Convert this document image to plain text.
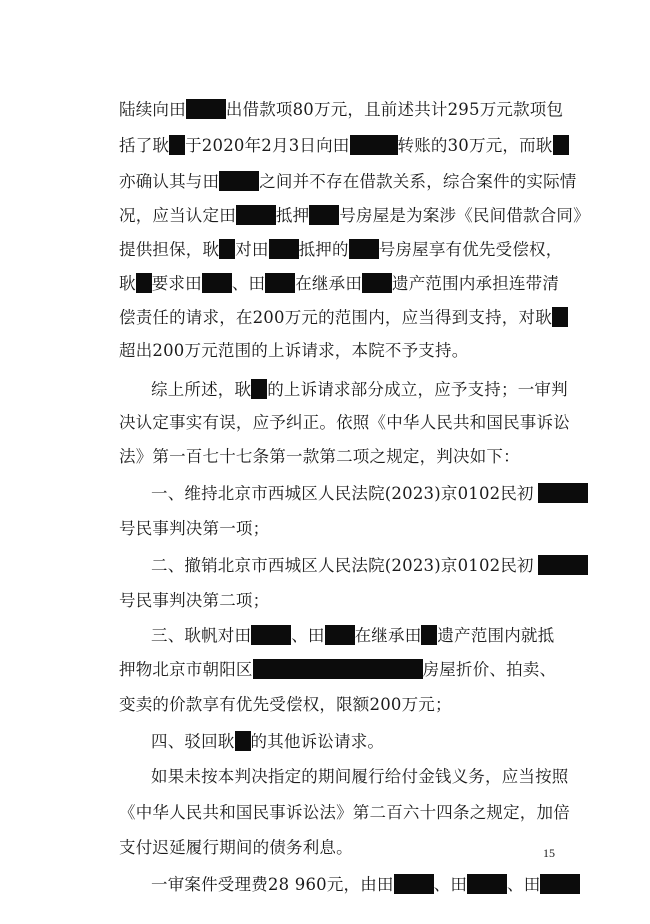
陆续向田 出借款项80万元，且前述共计295万元款项包
括了耿 于2020年2月3日向田	转账的30万元，而耿
亦确认其与田 之间并不存在借款关系，综合案件的实际情
况，应当认定田 抵押 号房屋是为案涉《民间借款合同》
提供担保，耿 对田 抵押的 号房屋享有优先受偿权，
耿 要求田 、田 在继承田 遗产范围内承担连带清
偿责任的请求，在200万元的范围内，应当得到支持，对耿
超出200万元范围的上诉请求，本院不予支持。
综上所述，耿 的上诉请求部分成立，应予支持；一审判
决认定事实有误，应予纠正。依照《中华人民共和国民事诉讼
法》第一百七十七条第一款第二项之规定，判决如下：
一、维持北京市西城区人民法院(2023)京0102民初
号民事判决第一项；
二、撤销北京市西城区人民法院(2023)京0102民初
号民事判决第二项；
三、耿帆对田 、田 在继承田 遗产范围内就抵
押物北京市朝阳区	房屋折价、拍卖、
变卖的价款享有优先受偿权，限额200万元；
四、驳回耿 的其他诉讼请求。
如果未按本判决指定的期间履行给付金钱义务，应当按照
《中华人民共和国民事诉讼法》第二百六十四条之规定，加倍
支付迟延履行期间的债务利息。
一审案件受理费28 960元，由田 、田 、田
15
